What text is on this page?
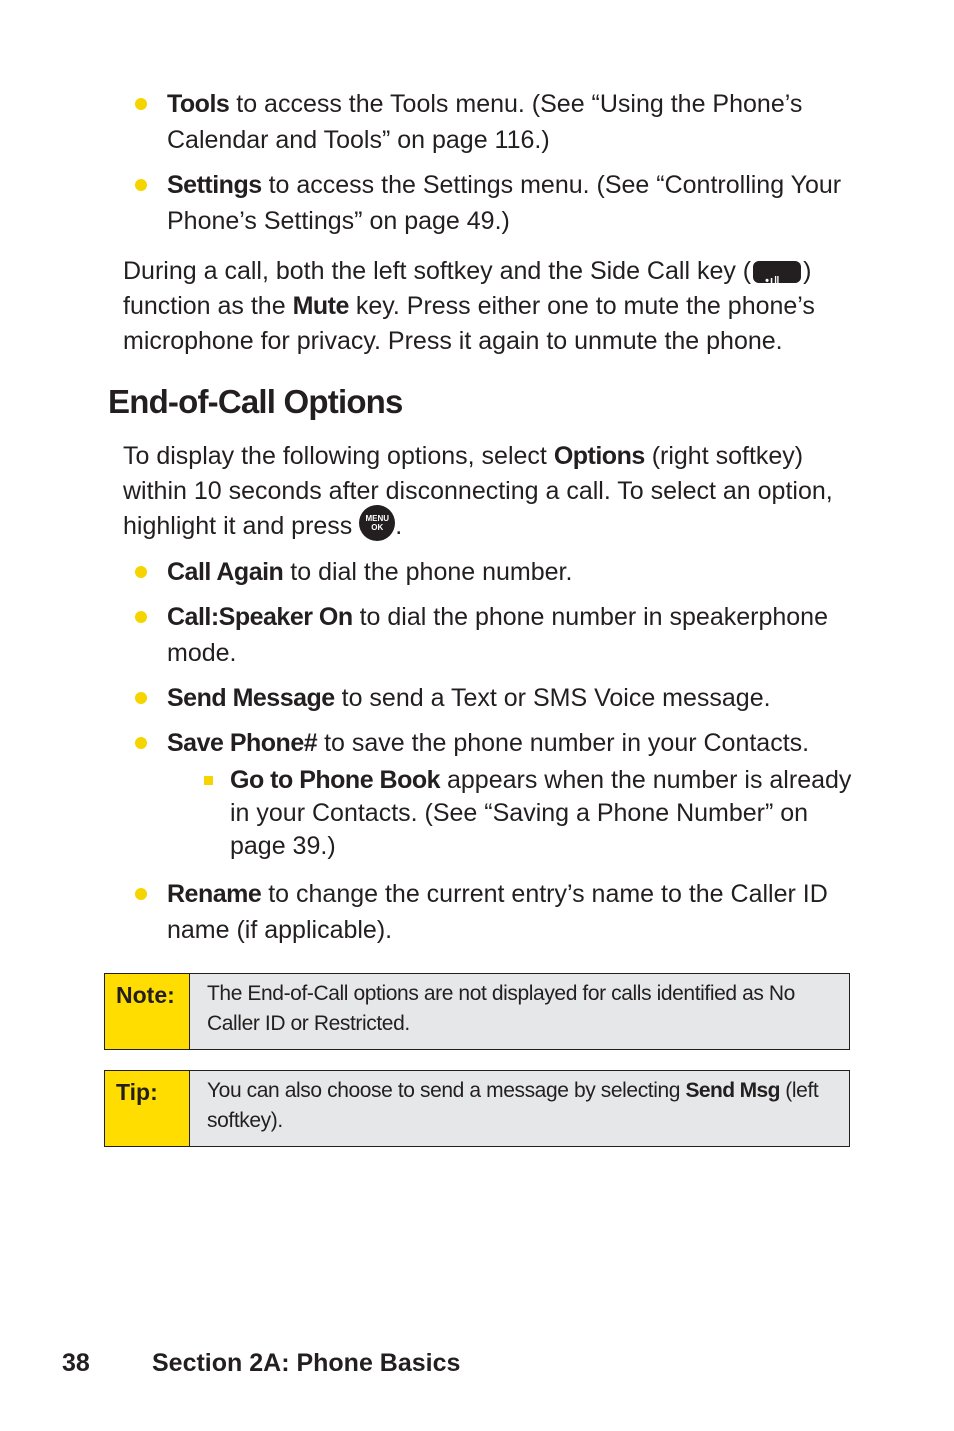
Tools to access the Tools menu. (See “Using the Phone’s Calendar and Tools” on page 116.)
Settings to access the Settings menu. (See “Controlling Your Phone’s Settings” on page 49.)

During a call, both the left softkey and the Side Call key (•ı‖ ) function as the Mute key. Press either one to mute the phone’s microphone for privacy. Press it again to unmute the phone.

End-of-Call Options

To display the following options, select Options (right softkey) within 10 seconds after disconnecting a call. To select an option, highlight it and press MENU
OK .

Call Again to dial the phone number.
Call:Speaker On to dial the phone number in speakerphone mode.
Send Message to send a Text or SMS Voice message.
Save Phone# to save the phone number in your Contacts.
Go to Phone Book appears when the number is already in your Contacts. (See “Saving a Phone Number” on page 39.)
Rename to change the current entry’s name to the Caller ID name (if applicable).
Note:	The End-of-Call options are not displayed for calls identified as No Caller ID or Restricted.
Tip:	You can also choose to send a message by selecting Send Msg (left softkey).
38 Section 2A: Phone Basics
